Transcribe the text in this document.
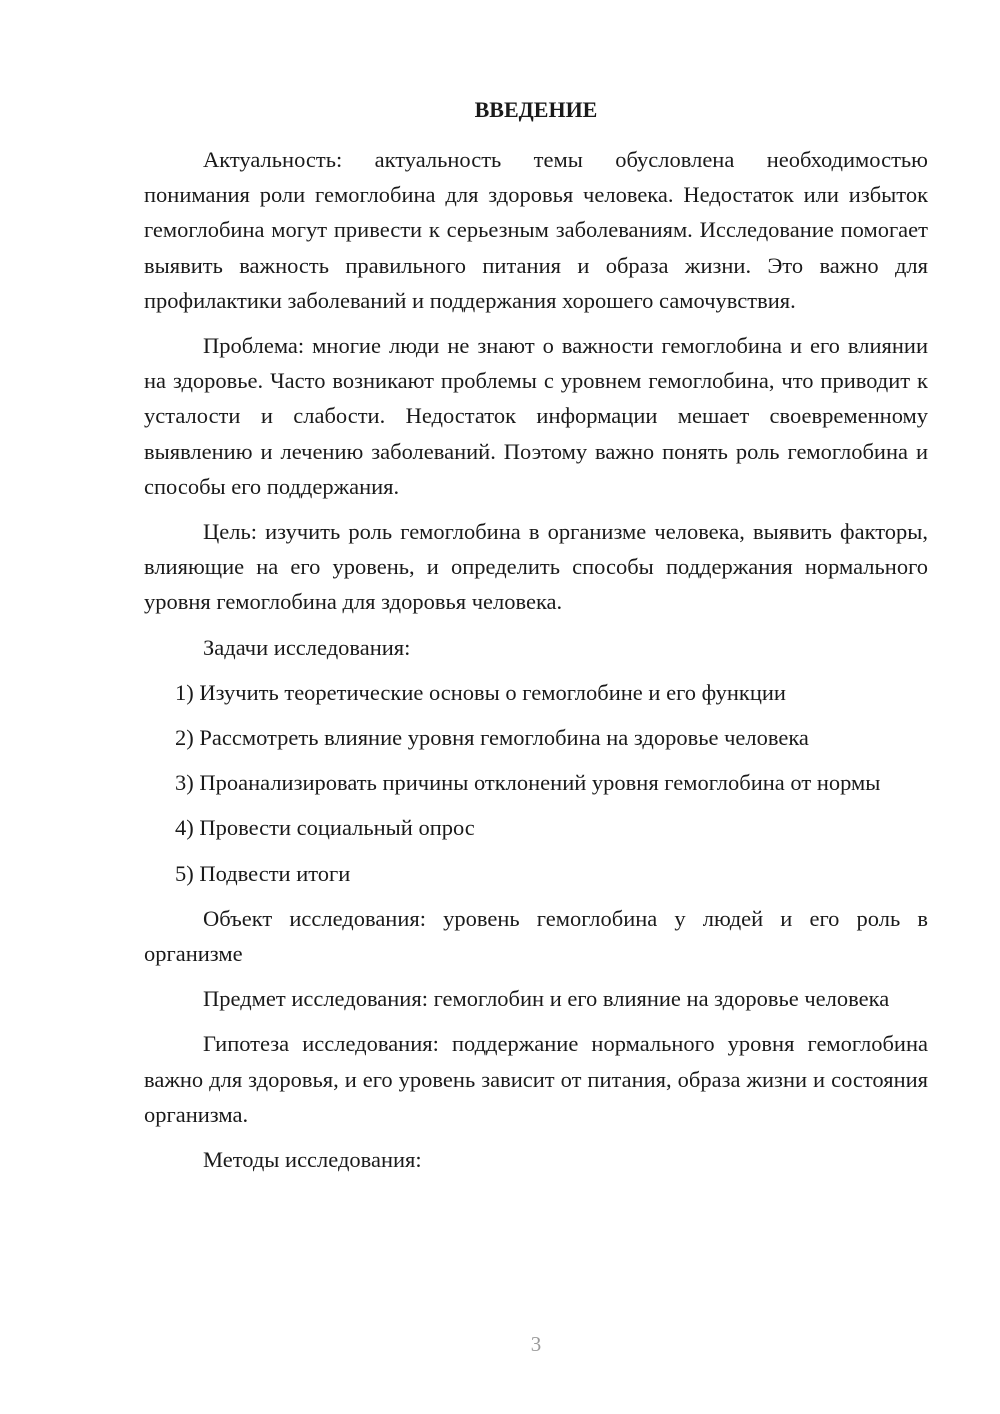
ВВЕДЕНИЕ

Актуальность: актуальность темы обусловлена необходимостью понимания роли гемоглобина для здоровья человека. Недостаток или избыток гемоглобина могут привести к серьезным заболеваниям. Исследование помогает выявить важность правильного питания и образа жизни. Это важно для профилактики заболеваний и поддержания хорошего самочувствия.

Проблема: многие люди не знают о важности гемоглобина и его влиянии на здоровье. Часто возникают проблемы с уровнем гемоглобина, что приводит к усталости и слабости. Недостаток информации мешает своевременному выявлению и лечению заболеваний. Поэтому важно понять роль гемоглобина и способы его поддержания.

Цель: изучить роль гемоглобина в организме человека, выявить факторы, влияющие на его уровень, и определить способы поддержания нормального уровня гемоглобина для здоровья человека.

Задачи исследования:

1) Изучить теоретические основы о гемоглобине и его функции

2) Рассмотреть влияние уровня гемоглобина на здоровье человека

3) Проанализировать причины отклонений уровня гемоглобина от нормы

4) Провести социальный опрос

5) Подвести итоги

Объект исследования: уровень гемоглобина у людей и его роль в организме

Предмет исследования: гемоглобин и его влияние на здоровье человека

Гипотеза исследования: поддержание нормального уровня гемоглобина важно для здоровья, и его уровень зависит от питания, образа жизни и состояния организма.

Методы исследования:

3
